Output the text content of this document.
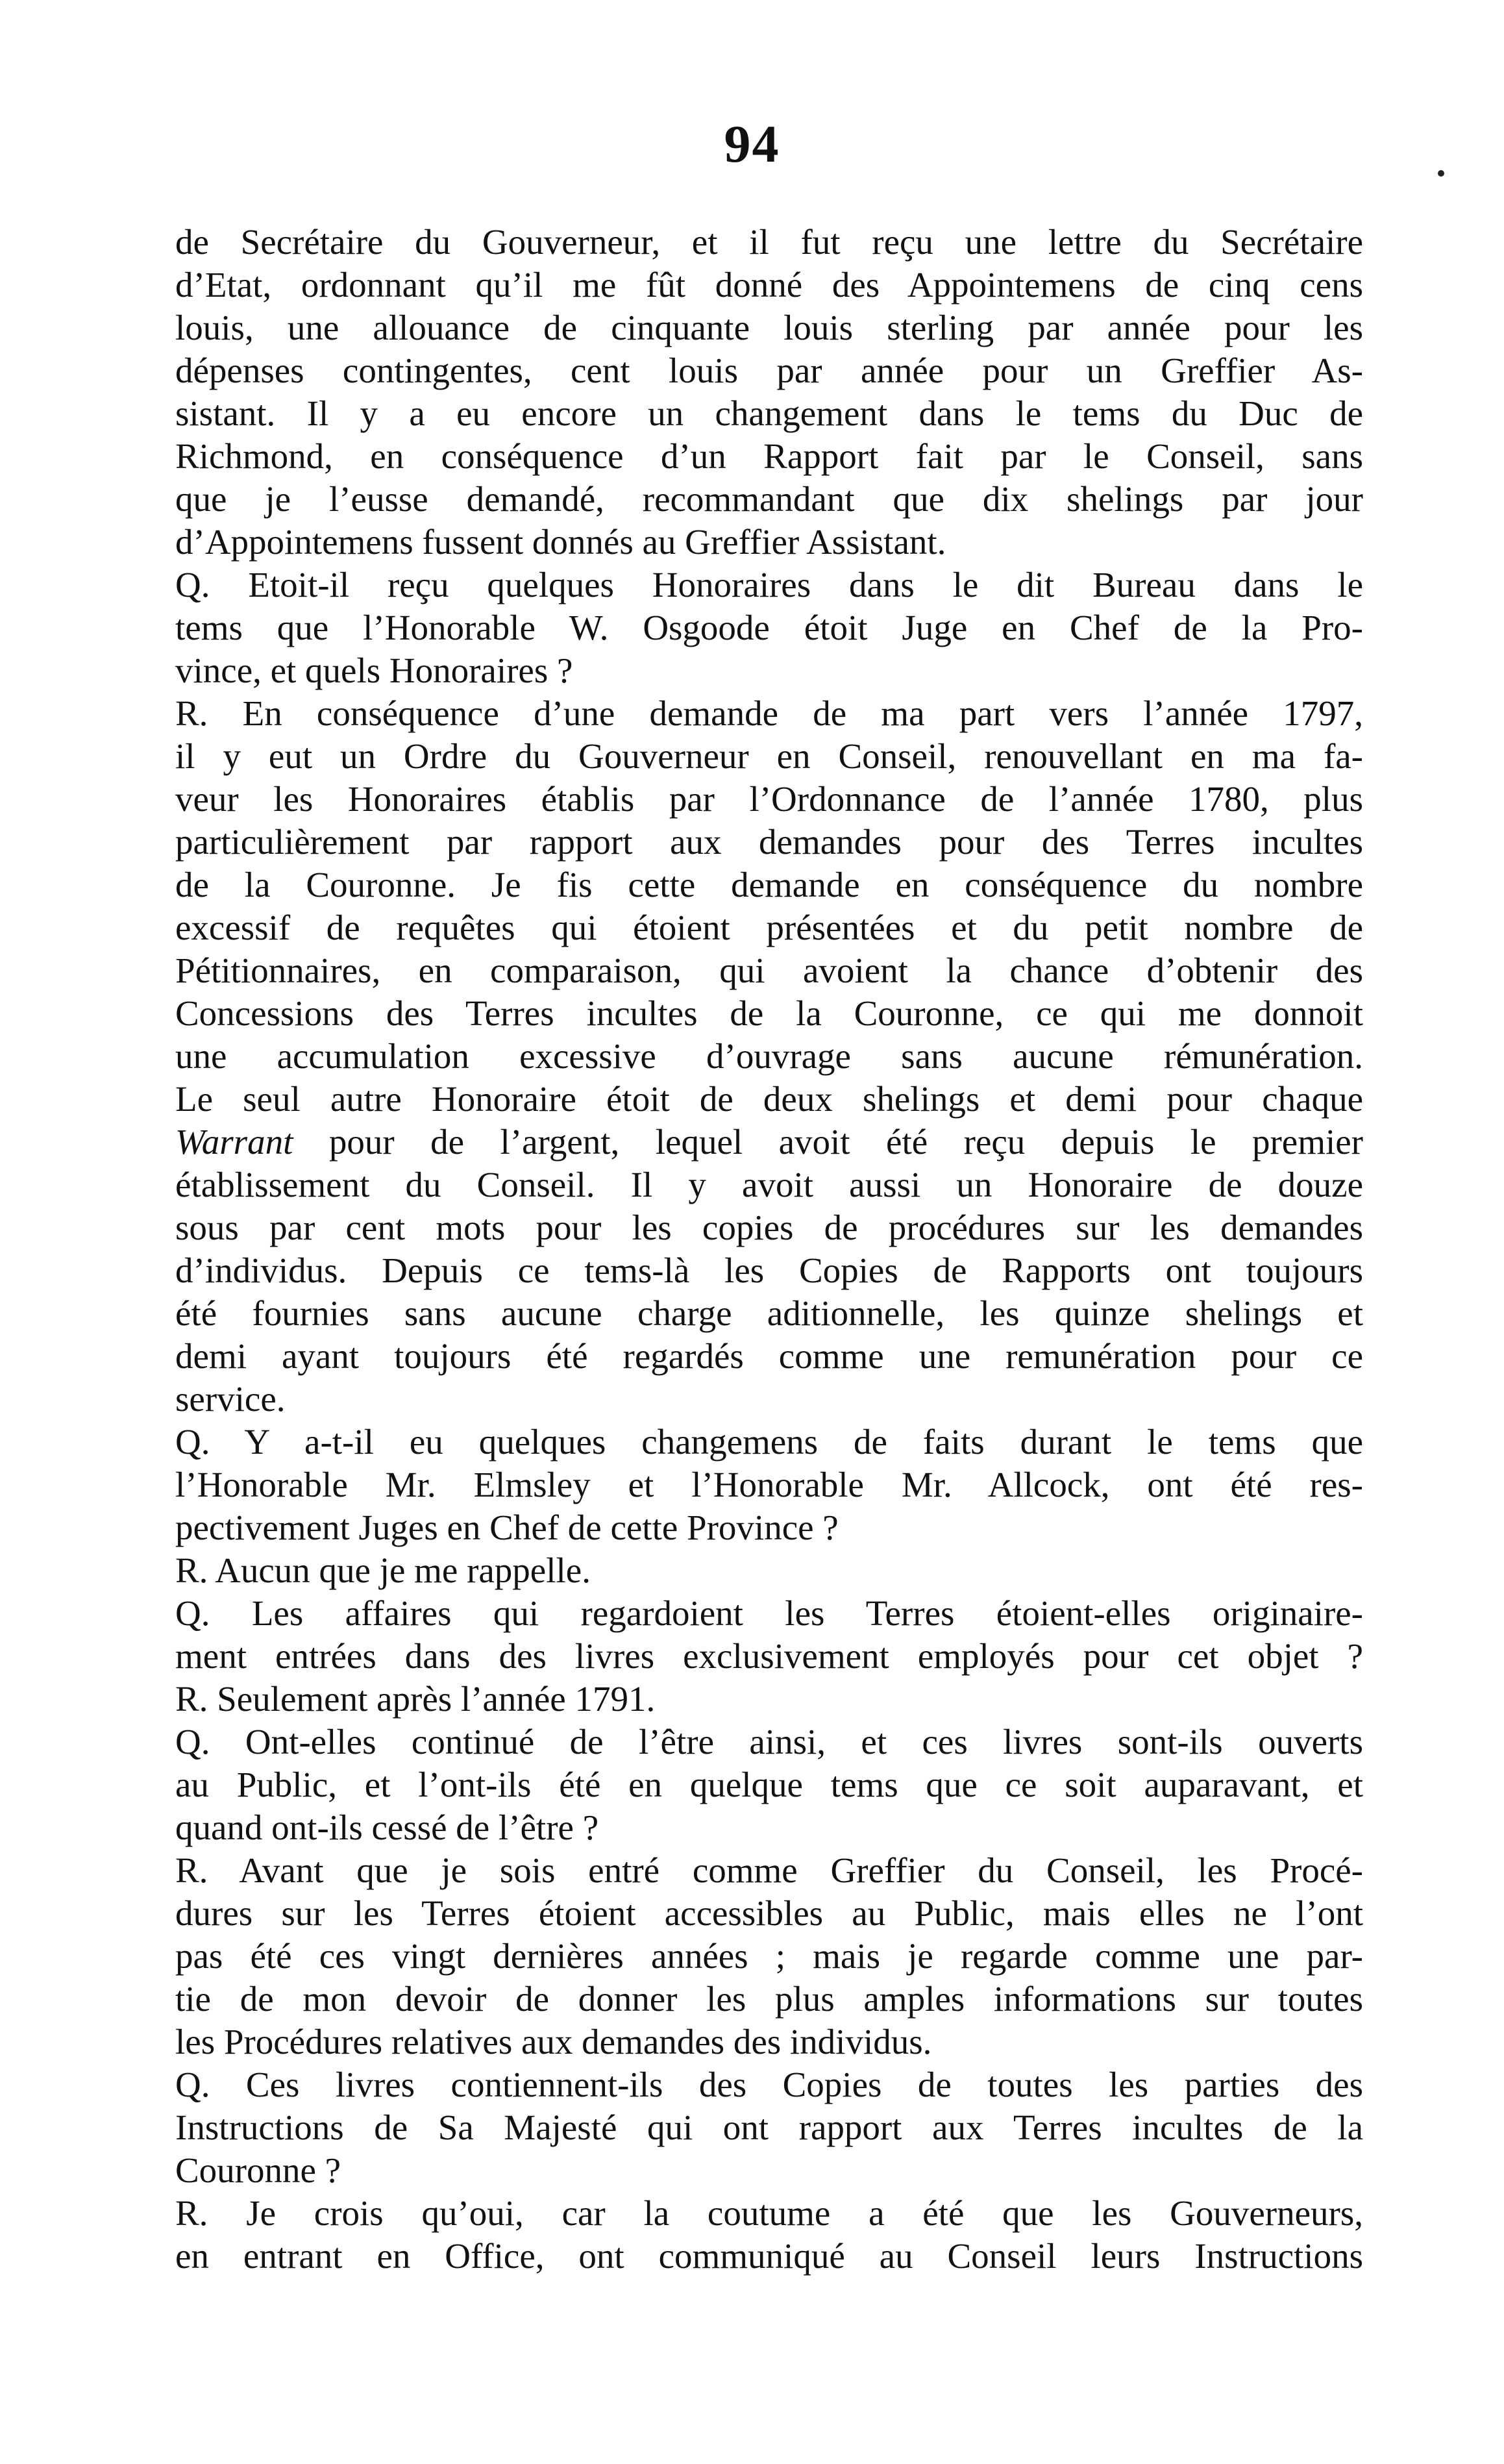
94
de Secrétaire du Gouverneur, et il fut reçu une lettre du Secrétaire
d’Etat, ordonnant qu’il me fût donné des Appointemens de cinq cens
louis, une allouance de cinquante louis sterling par année pour les
dépenses contingentes, cent louis par année pour un Greffier As-
sistant. Il y a eu encore un changement dans le tems du Duc de
Richmond, en conséquence d’un Rapport fait par le Conseil, sans
que je l’eusse demandé, recommandant que dix shelings par jour
d’Appointemens fussent donnés au Greffier Assistant.
Q. Etoit-il reçu quelques Honoraires dans le dit Bureau dans le
tems que l’Honorable W. Osgoode étoit Juge en Chef de la Pro-
vince, et quels Honoraires ?
R. En conséquence d’une demande de ma part vers l’année 1797,
il y eut un Ordre du Gouverneur en Conseil, renouvellant en ma fa-
veur les Honoraires établis par l’Ordonnance de l’année 1780, plus
particulièrement par rapport aux demandes pour des Terres incultes
de la Couronne. Je fis cette demande en conséquence du nombre
excessif de requêtes qui étoient présentées et du petit nombre de
Pétitionnaires, en comparaison, qui avoient la chance d’obtenir des
Concessions des Terres incultes de la Couronne, ce qui me donnoit
une accumulation excessive d’ouvrage sans aucune rémunération.
Le seul autre Honoraire étoit de deux shelings et demi pour chaque
Warrant pour de l’argent, lequel avoit été reçu depuis le premier
établissement du Conseil. Il y avoit aussi un Honoraire de douze
sous par cent mots pour les copies de procédures sur les demandes
d’individus. Depuis ce tems-là les Copies de Rapports ont toujours
été fournies sans aucune charge aditionnelle, les quinze shelings et
demi ayant toujours été regardés comme une remunération pour ce
service.
Q. Y a-t-il eu quelques changemens de faits durant le tems que
l’Honorable Mr. Elmsley et l’Honorable Mr. Allcock, ont été res-
pectivement Juges en Chef de cette Province ?
R. Aucun que je me rappelle.
Q. Les affaires qui regardoient les Terres étoient-elles originaire-
ment entrées dans des livres exclusivement employés pour cet objet ?
R. Seulement après l’année 1791.
Q. Ont-elles continué de l’être ainsi, et ces livres sont-ils ouverts
au Public, et l’ont-ils été en quelque tems que ce soit auparavant, et
quand ont-ils cessé de l’être ?
R. Avant que je sois entré comme Greffier du Conseil, les Procé-
dures sur les Terres étoient accessibles au Public, mais elles ne l’ont
pas été ces vingt dernières années ; mais je regarde comme une par-
tie de mon devoir de donner les plus amples informations sur toutes
les Procédures relatives aux demandes des individus.
Q. Ces livres contiennent-ils des Copies de toutes les parties des
Instructions de Sa Majesté qui ont rapport aux Terres incultes de la
Couronne ?
R. Je crois qu’oui, car la coutume a été que les Gouverneurs,
en entrant en Office, ont communiqué au Conseil leurs Instructions
